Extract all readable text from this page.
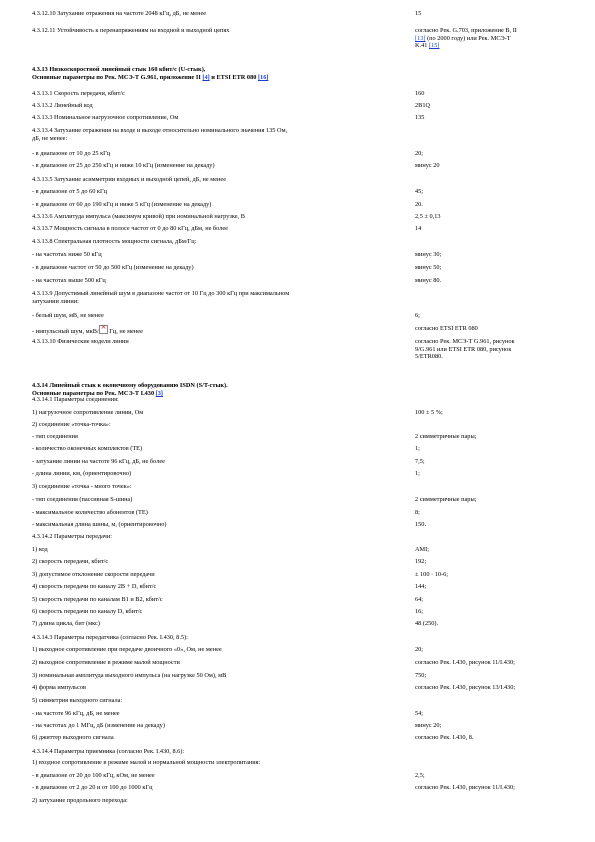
4.3.12.10 Затухание отражения на частоте 2048 кГц, дБ, не менее	15
4.3.12.11 Устойчивость к перенапряжениям на входной и выходной цепях	согласно Рек. G.703, приложение B, II
[13] (по 2000 году) или Рек. МСЭ-Т
K.41 [15]
4.3.13 Низкоскоростной линейный стык 160 кбит/с (U-стык),
Основные параметры по Рек. МСЭ-Т G.961, приложение II [4] и ETSI ETR 080 [16]
4.3.13.1 Скорость передачи, кбит/с	160
4.3.13.2 Линейный код	2B1Q
4.3.13.3 Номинальное нагрузочное сопротивление, Ом	135
4.3.13.4 Затухание отражения на входе и выходе относительно номинального значения 135 Ом,
дБ, не менее:
- в диапазоне от 10 до 25 кГц	20;
- в диапазоне от 25 до 250 кГц и ниже 10 кГц (изменение на декаду)	минус 20
4.3.13.5 Затухание асимметрии входных и выходной цепей, дБ, не менее
- в диапазоне от 5 до 60 кГц	45;
- в диапазоне от 60 до 190 кГц и ниже 5 кГц (изменение на декаду)	20.
4.3.13.6 Амплитуда импульса (максимум кривой) при номинальной нагрузке, В	2,5 ± 0,13
4.3.13.7 Мощность сигнала в полосе частот от 0 до 80 кГц, дБм, не более	14
4.3.13.8 Спектральная плотность мощности сигнала, дБм/Гц:
- на частотах ниже 50 кГц	минус 30;
- в диапазоне частот от 50 до 500 кГц (изменение на декаду)	минус 50;
- на частотах выше 500 кГц	минус 80.
4.3.13.9 Допустимый линейный шум в диапазоне частот от 10 Гц до 300 кГц при максимальном
затухании линии:
- белый шум, мВ, не менее	6;
- импульсный шум, мкВ/× Гц, не менее	согласно ETSI ETR 080
4.3.13.10 Физические модели линии	согласно Рек. МСЭ-Т G.961, рисунок
9/G.961 или ETSI ETR 080, рисунок
5/ETR080.
4.3.14 Линейный стык к оконечному оборудованию ISDN (S/T-стык).
Основные параметры по Рек. МСЭ-Т I.430 [3]
4.3.14.1 Параметры соединения:
1) нагрузочное сопротивление линии, Ом	100 ± 5 %;
2) соединение «точка-точка»:
- тип соединения	2 симметричные пары;
- количество оконечных комплектов (ТЕ)	1;
- затухание линии на частоте 96 кГц, дБ, не более	7,5;
- длина линии, км, (ориентировочно)	1;
3) соединение «точка - много точек»:
- тип соединения (пассивная S-шина)	2 симметричные пары;
- максимальное количество абонентов (ТЕ)	8;
- максимальная длина шины, м, (ориентировочно)	150.
4.3.14.2 Параметры передачи:
1) код	AMI;
2) скорость передачи, кбит/с	192;
3) допустимое отклонение скорости передачи	± 100 · 10-6;
4) скорость передачи по каналу 2B + D, кбит/с	144;
5) скорость передачи по каналам B1 и B2, кбит/с	64;
6) скорость передачи по каналу D, кбит/с	16;
7) длина цикла, бит (мкс)	48 (250).
4.3.14.3 Параметры передатчика (согласно Рек. I.430, 8.5):
1) выходное сопротивление при передаче двоичного «0», Ом, не менее	20;
2) выходное сопротивление в режиме малой мощности	согласно Рек. I.430, рисунок 11/I.430;
3) номинальная амплитуда выходного импульса (на нагрузке 50 Ом), мВ	750;
4) форма импульсов	согласно Рек. I.430, рисунок 13/I.430;
5) симметрия выходного сигнала:
- на частоте 96 кГц, дБ, не менее	54;
- на частотах до 1 МГц, дБ (изменение на декаду)	минус 20;
6) джиттер выходного сигнала	согласно Рек. I.430, 8.
4.3.14.4 Параметры приемника (согласно Рек. I.430, 8.6):
1) входное сопротивление в режиме малой и нормальной мощности электропитания:
- в диапазоне от 20 до 100 кГц, кОм, не менее	2,5;
- в диапазоне от 2 до 20 и от 100 до 1000 кГц	согласно Рек. I.430, рисунок 11/I.430;
2) затухание продольного перехода:
